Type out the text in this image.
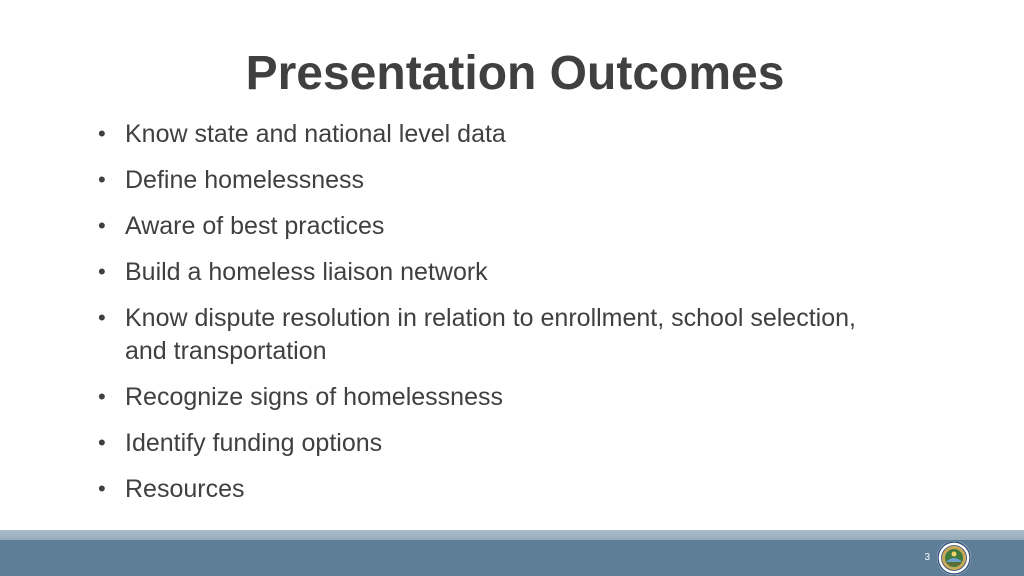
Presentation Outcomes
• Know state and national level data
• Define homelessness
• Aware of best practices
• Build a homeless liaison network
• Know dispute resolution in relation to enrollment, school selection, and transportation
• Recognize signs of homelessness
• Identify funding options
• Resources
3
